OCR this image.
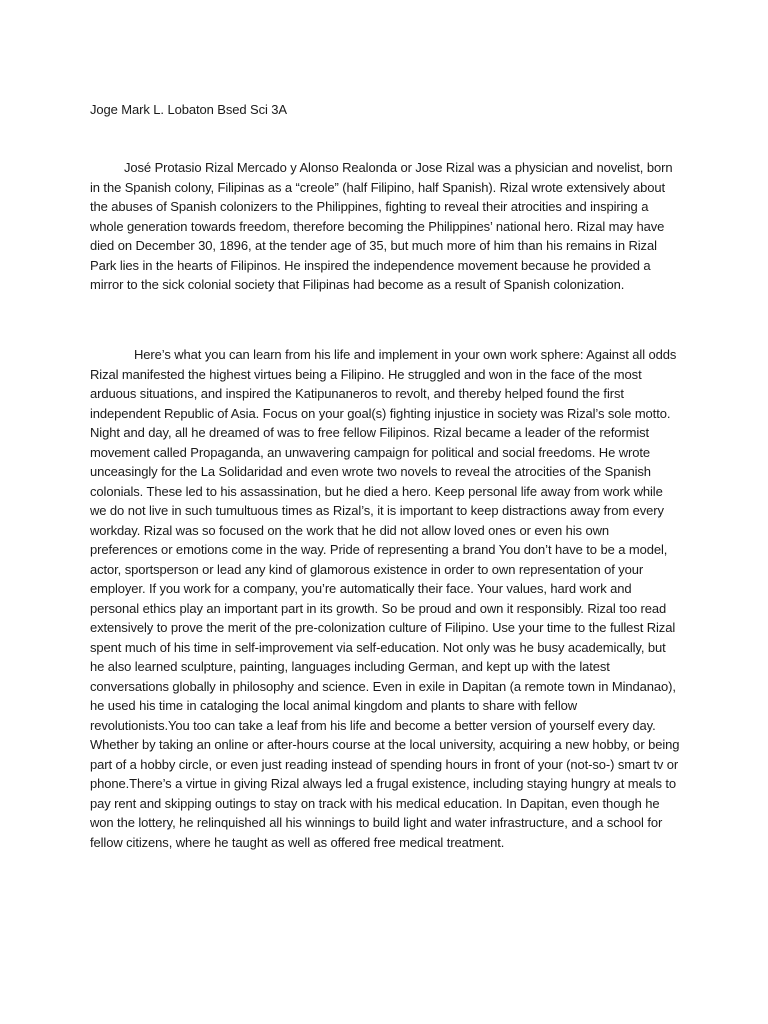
Joge Mark L. Lobaton Bsed Sci 3A

José Protasio Rizal Mercado y Alonso Realonda or Jose Rizal was a physician and novelist, born in the Spanish colony, Filipinas as a “creole” (half Filipino, half Spanish). Rizal wrote extensively about the abuses of Spanish colonizers to the Philippines, fighting to reveal their atrocities and inspiring a whole generation towards freedom, therefore becoming the Philippines’ national hero. Rizal may have died on December 30, 1896, at the tender age of 35, but much more of him than his remains in Rizal Park lies in the hearts of Filipinos. He inspired the independence movement because he provided a mirror to the sick colonial society that Filipinas had become as a result of Spanish colonization.

Here’s what you can learn from his life and implement in your own work sphere: Against all odds Rizal manifested the highest virtues being a Filipino. He struggled and won in the face of the most arduous situations, and inspired the Katipunaneros to revolt, and thereby helped found the first independent Republic of Asia. Focus on your goal(s) fighting injustice in society was Rizal’s sole motto. Night and day, all he dreamed of was to free fellow Filipinos. Rizal became a leader of the reformist movement called Propaganda, an unwavering campaign for political and social freedoms. He wrote unceasingly for the La Solidaridad and even wrote two novels to reveal the atrocities of the Spanish colonials. These led to his assassination, but he died a hero. Keep personal life away from work while we do not live in such tumultuous times as Rizal’s, it is important to keep distractions away from every workday. Rizal was so focused on the work that he did not allow loved ones or even his own preferences or emotions come in the way. Pride of representing a brand You don’t have to be a model, actor, sportsperson or lead any kind of glamorous existence in order to own representation of your employer. If you work for a company, you’re automatically their face. Your values, hard work and personal ethics play an important part in its growth. So be proud and own it responsibly. Rizal too read extensively to prove the merit of the pre-colonization culture of Filipino. Use your time to the fullest Rizal spent much of his time in self-improvement via self-education. Not only was he busy academically, but he also learned sculpture, painting, languages including German, and kept up with the latest conversations globally in philosophy and science. Even in exile in Dapitan (a remote town in Mindanao), he used his time in cataloging the local animal kingdom and plants to share with fellow revolutionists.You too can take a leaf from his life and become a better version of yourself every day. Whether by taking an online or after-hours course at the local university, acquiring a new hobby, or being part of a hobby circle, or even just reading instead of spending hours in front of your (not-so-) smart tv or phone.There’s a virtue in giving Rizal always led a frugal existence, including staying hungry at meals to pay rent and skipping outings to stay on track with his medical education. In Dapitan, even though he won the lottery, he relinquished all his winnings to build light and water infrastructure, and a school for fellow citizens, where he taught as well as offered free medical treatment.
